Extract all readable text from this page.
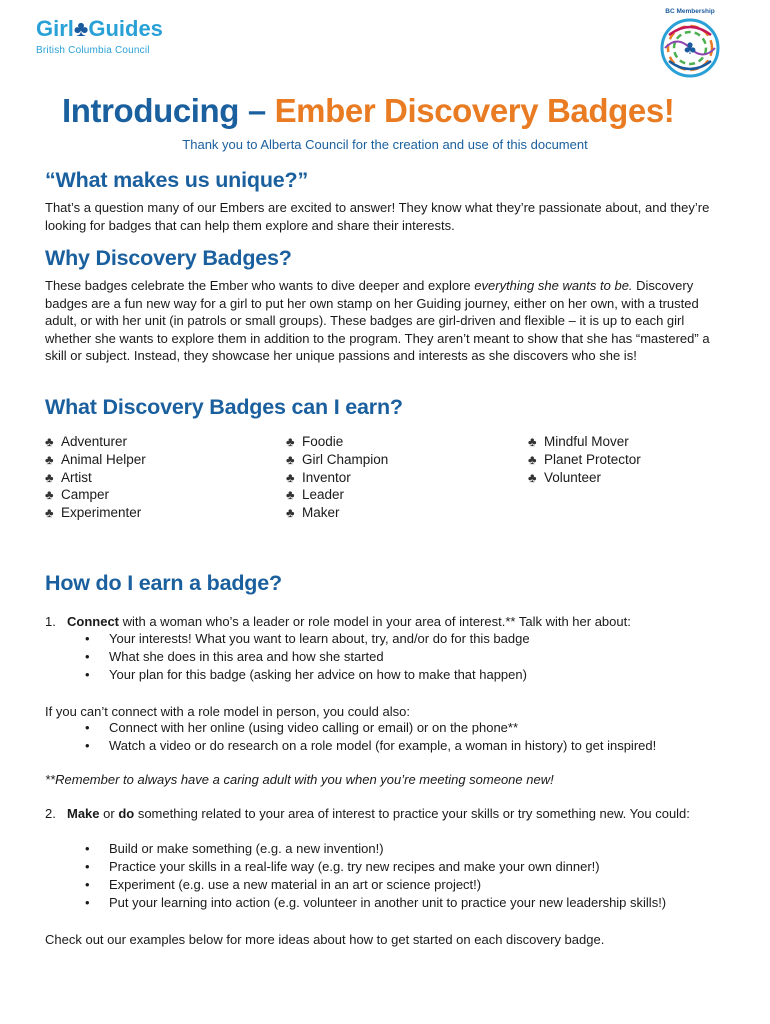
Girl♣Guides
British Columbia Council
BC Membership
♣
Introducing – Ember Discovery Badges!
Thank you to Alberta Council for the creation and use of this document
“What makes us unique?”
That’s a question many of our Embers are excited to answer! They know what they’re passionate about, and they’re looking for badges that can help them explore and share their interests.
Why Discovery Badges?
These badges celebrate the Ember who wants to dive deeper and explore everything she wants to be. Discovery badges are a fun new way for a girl to put her own stamp on her Guiding journey, either on her own, with a trusted adult, or with her unit (in patrols or small groups). These badges are girl-driven and flexible – it is up to each girl whether she wants to explore them in addition to the program. They aren’t meant to show that she has “mastered” a skill or subject. Instead, they showcase her unique passions and interests as she discovers who she is!
What Discovery Badges can I earn?
♣ Adventurer
♣ Animal Helper
♣ Artist
♣ Camper
♣ Experimenter
♣ Foodie
♣ Girl Champion
♣ Inventor
♣ Leader
♣ Maker
♣ Mindful Mover
♣ Planet Protector
♣ Volunteer
How do I earn a badge?
1. Connect with a woman who’s a leader or role model in your area of interest.** Talk with her about:
• Your interests! What you want to learn about, try, and/or do for this badge
• What she does in this area and how she started
• Your plan for this badge (asking her advice on how to make that happen)
If you can’t connect with a role model in person, you could also:
• Connect with her online (using video calling or email) or on the phone**
• Watch a video or do research on a role model (for example, a woman in history) to get inspired!
**Remember to always have a caring adult with you when you’re meeting someone new!
2. Make or do something related to your area of interest to practice your skills or try something new. You could:
• Build or make something (e.g. a new invention!)
• Practice your skills in a real-life way (e.g. try new recipes and make your own dinner!)
• Experiment (e.g. use a new material in an art or science project!)
• Put your learning into action (e.g. volunteer in another unit to practice your new leadership skills!)
Check out our examples below for more ideas about how to get started on each discovery badge.
